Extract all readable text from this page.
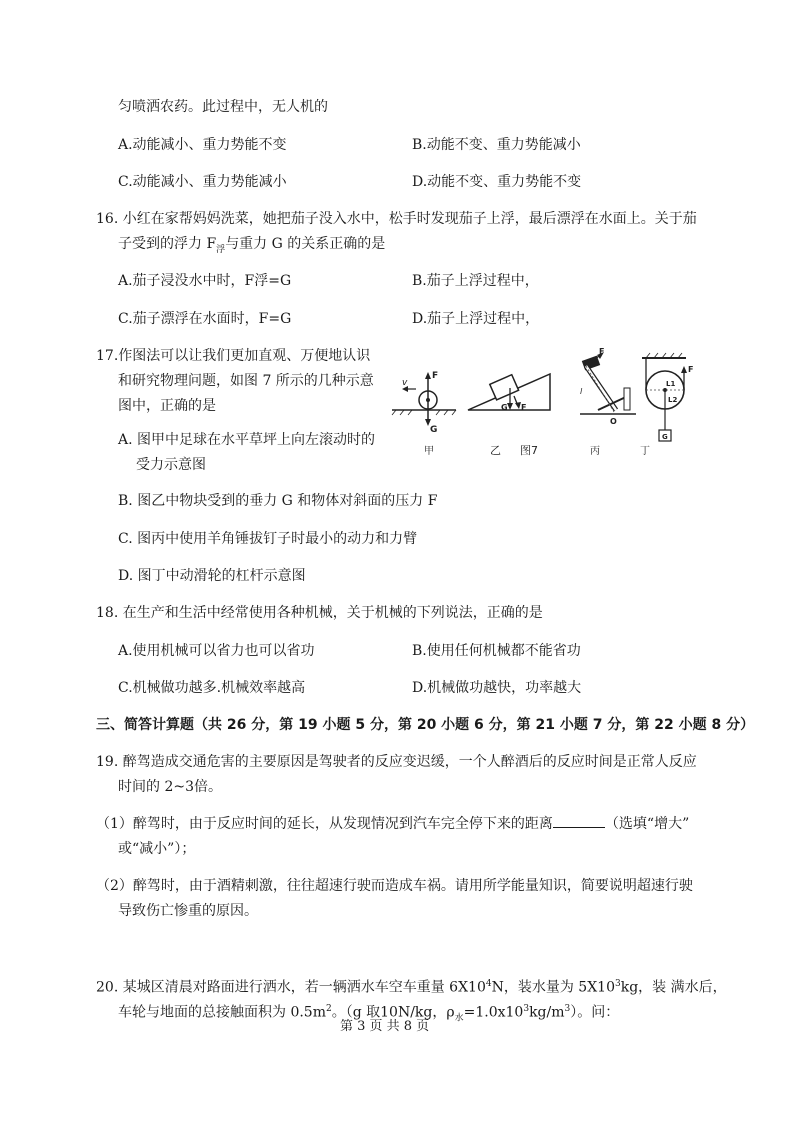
匀喷洒农药。此过程中，无人机的
A.动能减小、重力势能不变	B.动能不变、重力势能减小
C.动能减小、重力势能减小	D.动能不变、重力势能不变
16. 小红在家帮妈妈洗菜，她把茄子没入水中，松手时发现茄子上浮，最后漂浮在水面上。关于茄
子受到的浮力 $F_浮$与重力 G 的关系正确的是
A.茄子浸没水中时，F浮=G	B.茄子上浮过程中，
C.茄子漂浮在水面时，F=G	D.茄子上浮过程中，
17.作图法可以让我们更加直观、万便地认识
和研究物理问题，如图 7 所示的几种示意
图中，正确的是
A. 图甲中足球在水平草坪上向左滚动时的
受力示意图
B. 图乙中物块受到的垂力 G 和物体对斜面的压力 F
C. 图丙中使用羊角锤拔钉子时最小的动力和力臂
D. 图丁中动滑轮的杠杆示意图
v
F
G
G F
F
l
O
G
F
L1
L2
甲	乙 图7	丙	丁
18. 在生产和生活中经常使用各种机械，关于机械的下列说法，正确的是
A.使用机械可以省力也可以省功	B.使用任何机械都不能省功
C.机械做功越多.机械效率越高	D.机械做功越快，功率越大
三、简答计算题（共 26 分，第 19 小题 5 分，第 20 小题 6 分，第 21 小题 7 分，第 22 小题 8 分）
19. 醉驾造成交通危害的主要原因是驾驶者的反应变迟缓，一个人醉酒后的反应时间是正常人反应
时间的 2~3倍。
（1）醉驾时，由于反应时间的延长，从发现情况到汽车完全停下来的距离	（选填“增大”
或“减小”）；
（2）醉驾时，由于酒精刺激，往往超速行驶而造成车祸。请用所学能量知识，简要说明超速行驶
导致伤亡惨重的原因。
20. 某城区清晨对路面进行洒水，若一辆洒水车空车重量 $6X10^4N$，装水量为 $5X10^3kg$，装 满水后，
车轮与地面的总接触面积为 $0.5m^2$。（g 取10N/kg，$\rho_水=1.0x10^3kg/m^3$）。问：
第 3 页 共 8 页
